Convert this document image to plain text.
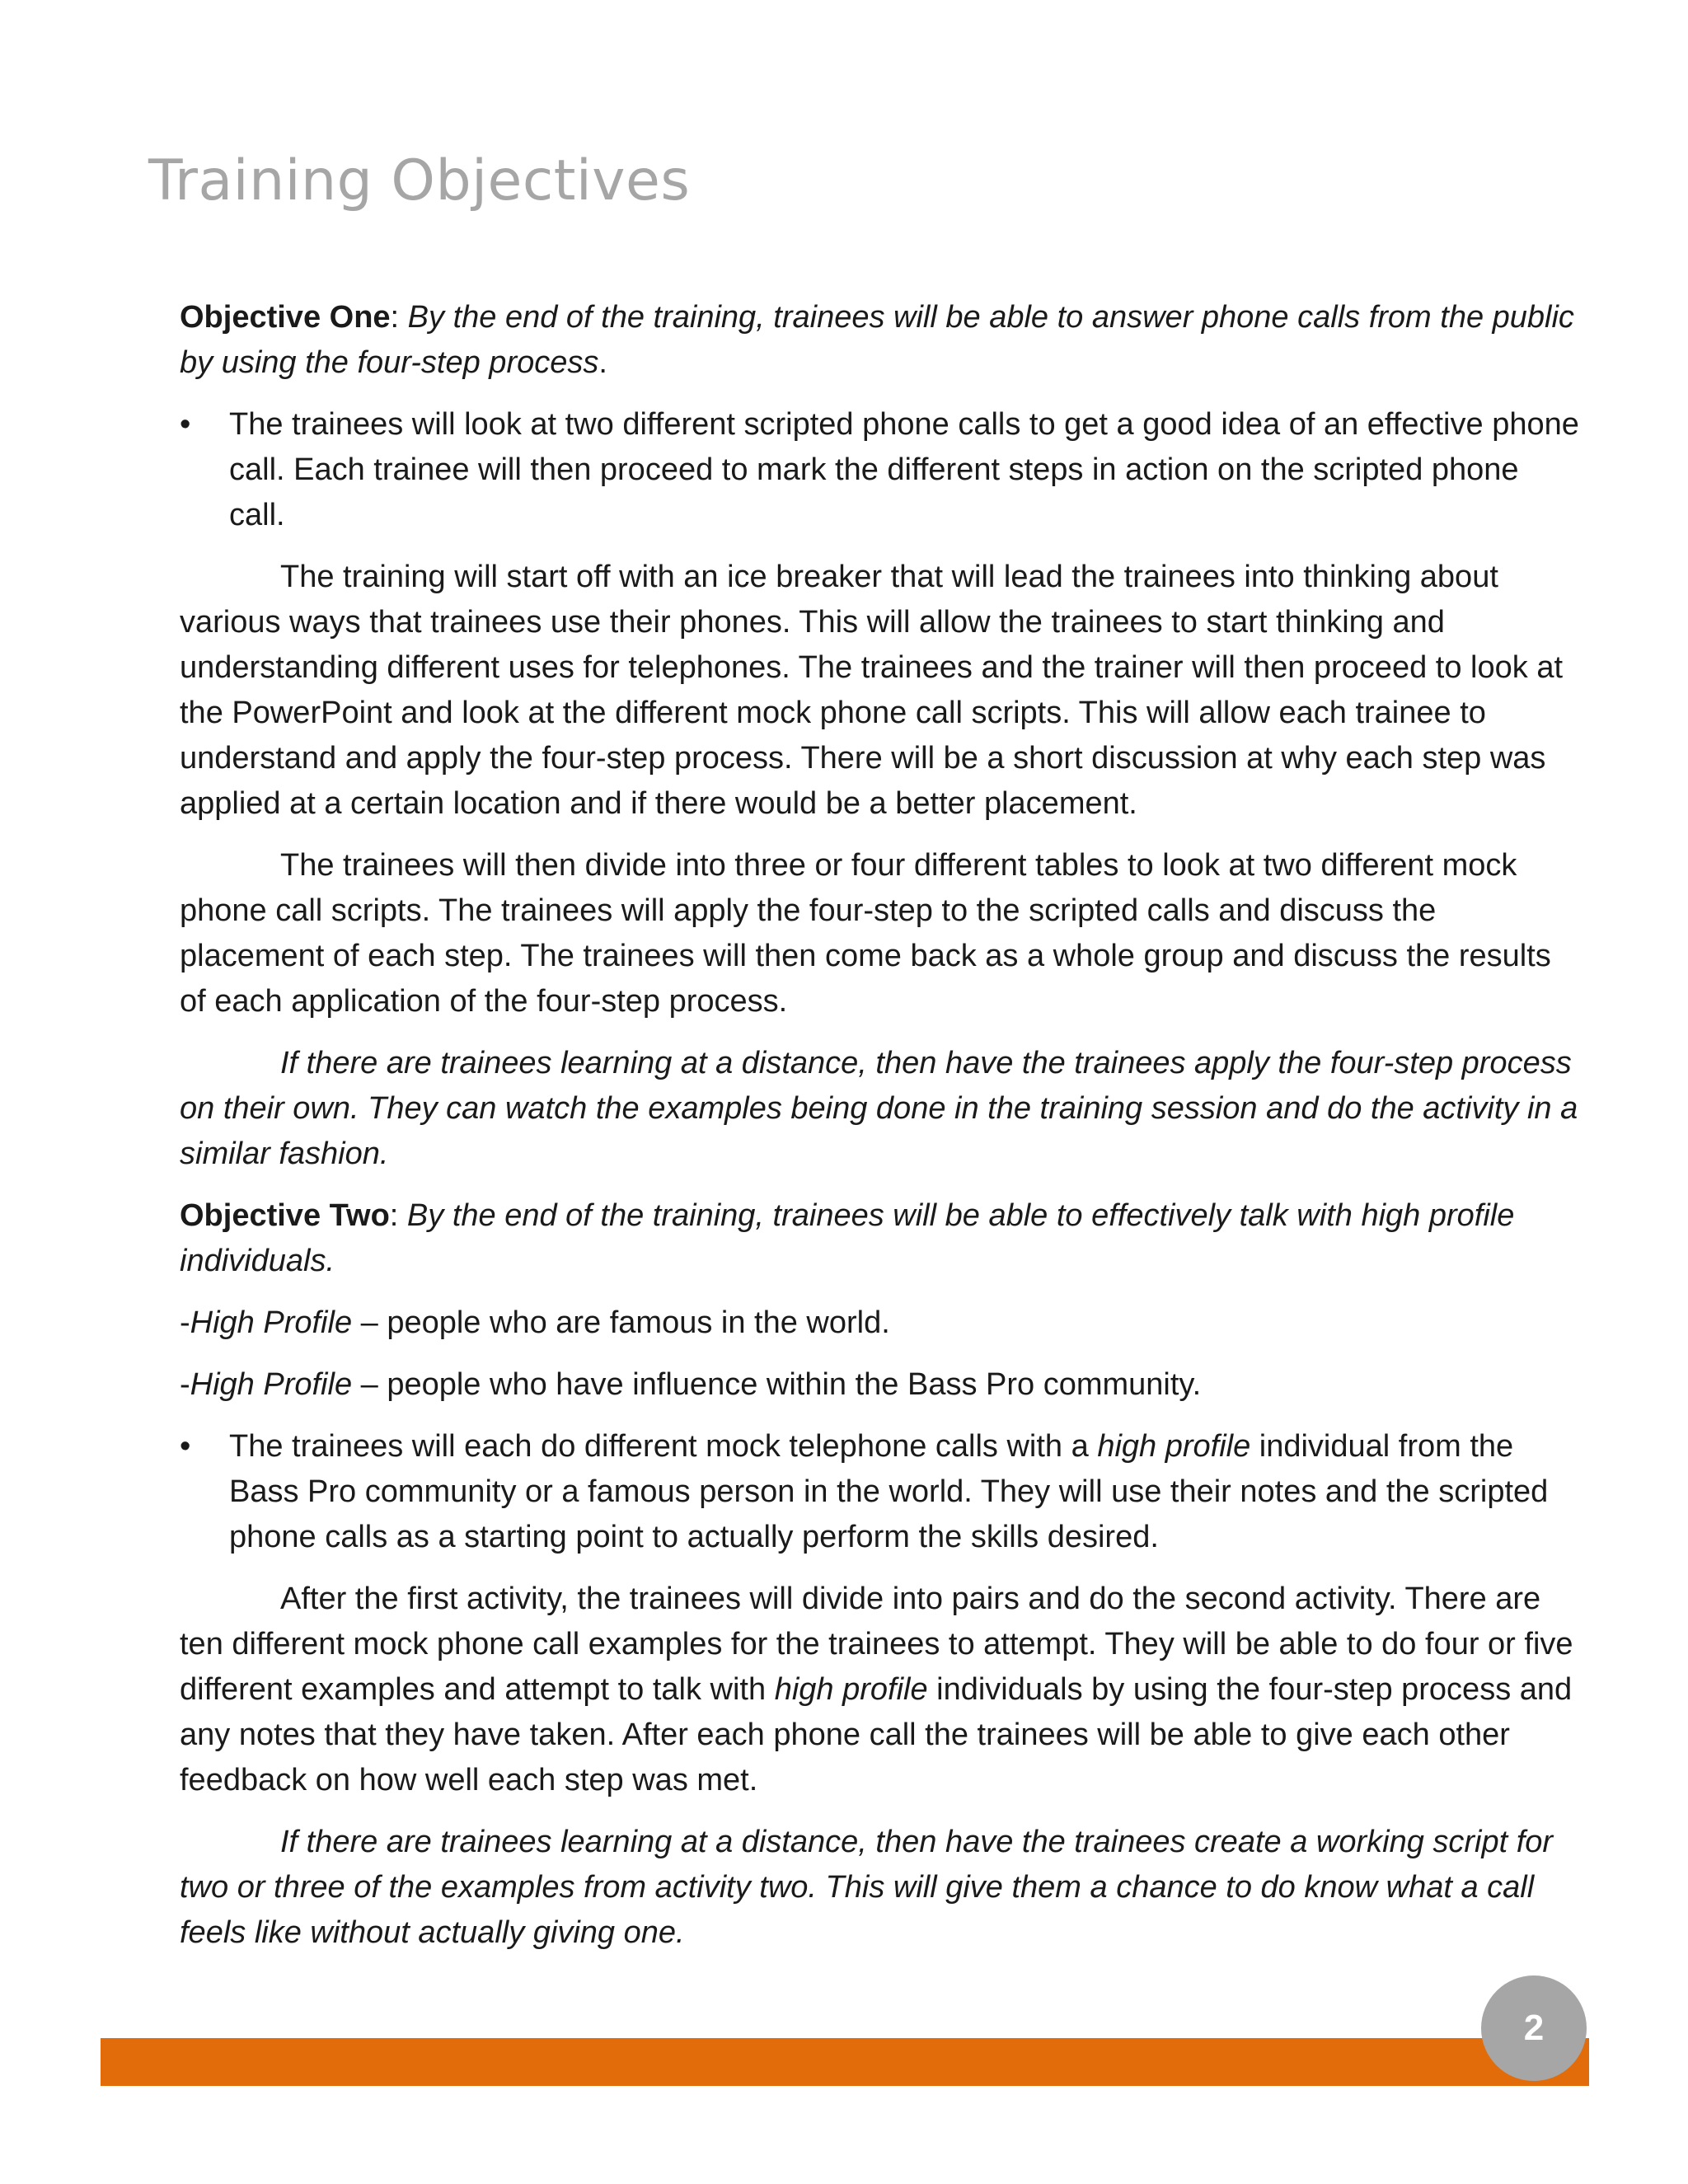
Training Objectives

Objective One: By the end of the training, trainees will be able to answer phone calls from the public by using the four-step process.

• The trainees will look at two different scripted phone calls to get a good idea of an effective phone call. Each trainee will then proceed to mark the different steps in action on the scripted phone call.

The training will start off with an ice breaker that will lead the trainees into thinking about various ways that trainees use their phones. This will allow the trainees to start thinking and understanding different uses for telephones. The trainees and the trainer will then proceed to look at the PowerPoint and look at the different mock phone call scripts. This will allow each trainee to understand and apply the four-step process. There will be a short discussion at why each step was applied at a certain location and if there would be a better placement.

The trainees will then divide into three or four different tables to look at two different mock phone call scripts. The trainees will apply the four-step to the scripted calls and discuss the placement of each step. The trainees will then come back as a whole group and discuss the results of each application of the four-step process.

If there are trainees learning at a distance, then have the trainees apply the four-step process on their own. They can watch the examples being done in the training session and do the activity in a similar fashion.

Objective Two: By the end of the training, trainees will be able to effectively talk with high profile individuals.

-High Profile – people who are famous in the world.

-High Profile – people who have influence within the Bass Pro community.

• The trainees will each do different mock telephone calls with a high profile individual from the Bass Pro community or a famous person in the world. They will use their notes and the scripted phone calls as a starting point to actually perform the skills desired.

After the first activity, the trainees will divide into pairs and do the second activity. There are ten different mock phone call examples for the trainees to attempt. They will be able to do four or five different examples and attempt to talk with high profile individuals by using the four-step process and any notes that they have taken. After each phone call the trainees will be able to give each other feedback on how well each step was met.

If there are trainees learning at a distance, then have the trainees create a working script for two or three of the examples from activity two. This will give them a chance to do know what a call feels like without actually giving one.

2
